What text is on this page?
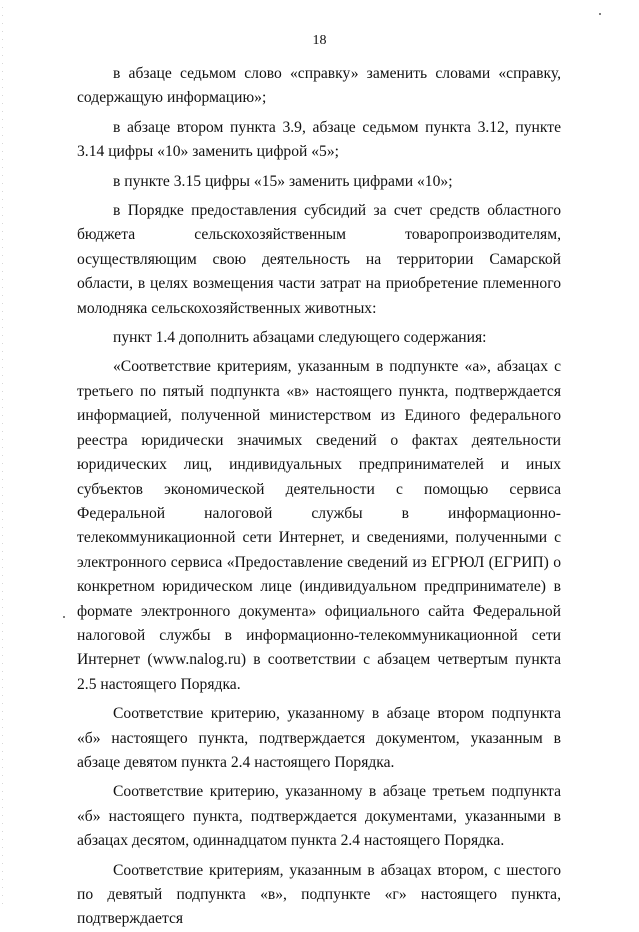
18

в абзаце седьмом слово «справку» заменить словами «справку, содержащую информацию»;

в абзаце втором пункта 3.9, абзаце седьмом пункта 3.12, пункте 3.14 цифры «10» заменить цифрой «5»;

в пункте 3.15 цифры «15» заменить цифрами «10»;

в Порядке предоставления субсидий за счет средств областного бюджета сельскохозяйственным товаропроизводителям, осуществляющим свою деятельность на территории Самарской области, в целях возмещения части затрат на приобретение племенного молодняка сельскохозяйственных животных:

пункт 1.4 дополнить абзацами следующего содержания:

«Соответствие критериям, указанным в подпункте «а», абзацах с третьего по пятый подпункта «в» настоящего пункта, подтверждается информацией, полученной министерством из Единого федерального реестра юридически значимых сведений о фактах деятельности юридических лиц, индивидуальных предпринимателей и иных субъектов экономической деятельности с помощью сервиса Федеральной налоговой службы в информационно-телекоммуникационной сети Интернет, и сведениями, полученными с электронного сервиса «Предоставление сведений из ЕГРЮЛ (ЕГРИП) о конкретном юридическом лице (индивидуальном предпринимателе) в формате электронного документа» официального сайта Федеральной налоговой службы в информационно-телекоммуникационной сети Интернет (www.nalog.ru) в соответствии с абзацем четвертым пункта 2.5 настоящего Порядка.

Соответствие критерию, указанному в абзаце втором подпункта «б» настоящего пункта, подтверждается документом, указанным в абзаце девятом пункта 2.4 настоящего Порядка.

Соответствие критерию, указанному в абзаце третьем подпункта «б» настоящего пункта, подтверждается документами, указанными в абзацах десятом, одиннадцатом пункта 2.4 настоящего Порядка.

Соответствие критериям, указанным в абзацах втором, с шестого по девятый подпункта «в», подпункте «г» настоящего пункта, подтверждается
